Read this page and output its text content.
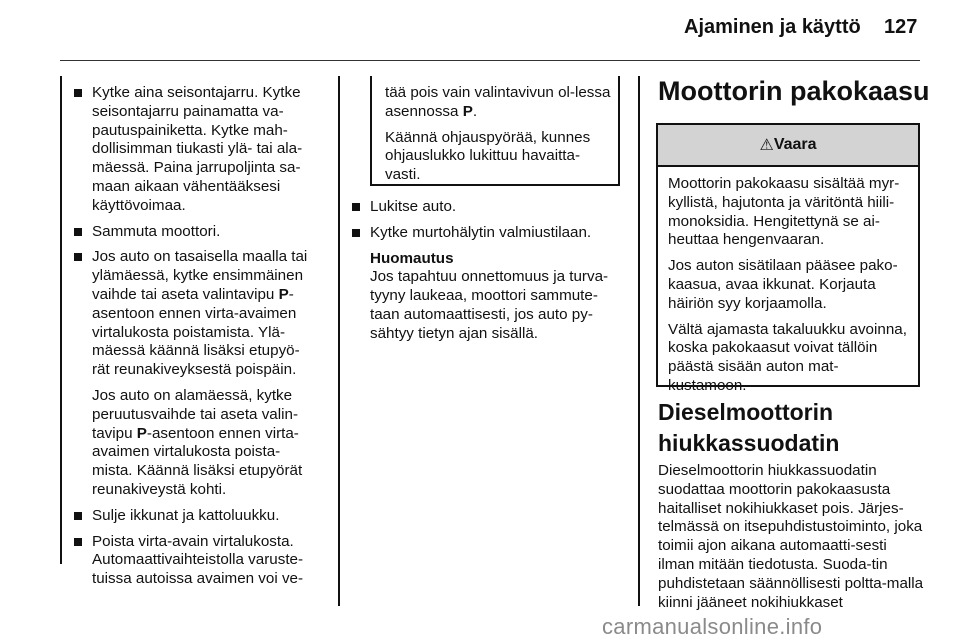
Ajaminen ja käyttö 127
Kytke aina seisontajarru. Kytke seisontajarru painamatta va-pautuspainiketta. Kytke mah-dollisimman tiukasti ylä- tai ala-mäessä. Paina jarrupoljinta sa-maan aikaan vähentääksesi käyttövoimaa.
Sammuta moottori.
Jos auto on tasaisella maalla tai ylämäessä, kytke ensimmäinen vaihde tai aseta valintavipu P-asentoon ennen virta-avaimen virtalukosta poistamista. Ylä-mäessä käännä lisäksi etupyö-rät reunakiveyksestä poispäin.
Jos auto on alamäessä, kytke peruutusvaihde tai aseta valin-tavipu P-asentoon ennen virta-avaimen virtalukosta poista-mista. Käännä lisäksi etupyörät reunakiveystä kohti.
Sulje ikkunat ja kattoluukku.
Poista virta-avain virtalukosta. Automaattivaihteistolla varuste-tuissa autoissa avaimen voi ve-
tää pois vain valintavivun ol-lessa asennossa P.
Käännä ohjauspyörää, kunnes ohjauslukko lukittuu havaitta-vasti.
Lukitse auto.
Kytke murtohälytin valmiustilaan.
Huomautus
Jos tapahtuu onnettomuus ja turva-tyyny laukeaa, moottori sammute-taan automaattisesti, jos auto py-sähtyy tietyn ajan sisällä.
Moottorin pakokaasu
⚠ Vaara
Moottorin pakokaasu sisältää myr-kyllistä, hajutonta ja väritöntä hiili-monoksidia. Hengitettynä se ai-heuttaa hengenvaaran.
Jos auton sisätilaan pääsee pako-kaasua, avaa ikkunat. Korjauta häiriön syy korjaamolla.
Vältä ajamasta takaluukku avoinna, koska pakokaasut voivat tällöin päästä sisään auton mat-kustamoon.
Dieselmoottorin
hiukkassuodatin
Dieselmoottorin hiukkassuodatin suodattaa moottorin pakokaasusta haitalliset nokihiukkaset pois. Järjes-telmässä on itsepuhdistustoiminto, joka toimii ajon aikana automaatti-sesti ilman mitään tiedotusta. Suoda-tin puhdistetaan säännöllisesti poltta-malla kiinni jääneet nokihiukkaset
carmanualsonline.info
